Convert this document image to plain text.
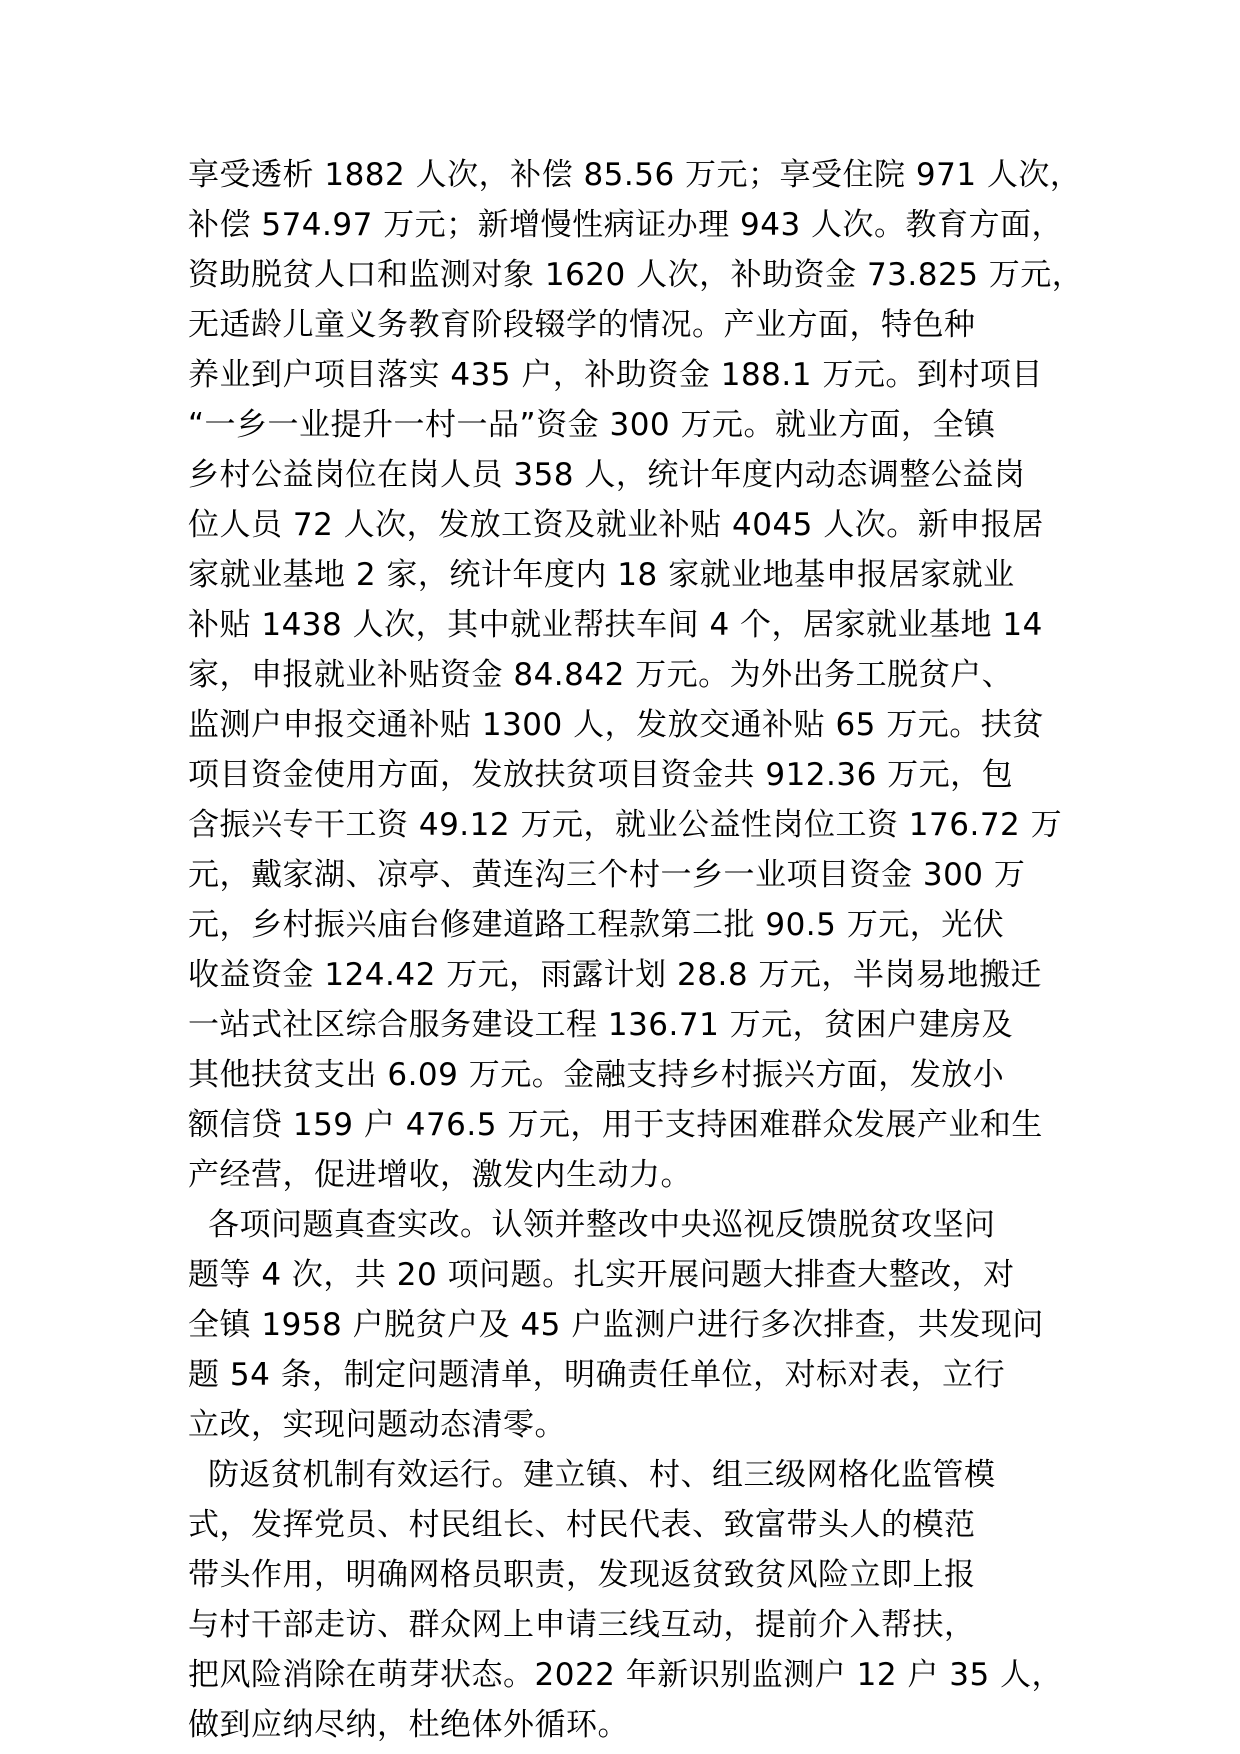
享受透析 1882 人次，补偿 85.56 万元；享受住院 971 人次，
补偿 574.97 万元；新增慢性病证办理 943 人次。教育方面，
资助脱贫人口和监测对象 1620 人次，补助资金 73.825 万元，
无适龄儿童义务教育阶段辍学的情况。产业方面，特色种
养业到户项目落实 435 户，补助资金 188.1 万元。到村项目
“一乡一业提升一村一品”资金 300 万元。就业方面，全镇
乡村公益岗位在岗人员 358 人，统计年度内动态调整公益岗
位人员 72 人次，发放工资及就业补贴 4045 人次。新申报居
家就业基地 2 家，统计年度内 18 家就业地基申报居家就业
补贴 1438 人次，其中就业帮扶车间 4 个，居家就业基地 14
家，申报就业补贴资金 84.842 万元。为外出务工脱贫户、
监测户申报交通补贴 1300 人，发放交通补贴 65 万元。扶贫
项目资金使用方面，发放扶贫项目资金共 912.36 万元，包
含振兴专干工资 49.12 万元，就业公益性岗位工资 176.72 万
元，戴家湖、凉亭、黄连沟三个村一乡一业项目资金 300 万
元，乡村振兴庙台修建道路工程款第二批 90.5 万元，光伏
收益资金 124.42 万元，雨露计划 28.8 万元，半岗易地搬迁
一站式社区综合服务建设工程 136.71 万元，贫困户建房及
其他扶贫支出 6.09 万元。金融支持乡村振兴方面，发放小
额信贷 159 户 476.5 万元，用于支持困难群众发展产业和生
产经营，促进增收，激发内生动力。
各项问题真查实改。认领并整改中央巡视反馈脱贫攻坚问
题等 4 次，共 20 项问题。扎实开展问题大排查大整改，对
全镇 1958 户脱贫户及 45 户监测户进行多次排查，共发现问
题 54 条，制定问题清单，明确责任单位，对标对表，立行
立改，实现问题动态清零。
防返贫机制有效运行。建立镇、村、组三级网格化监管模
式，发挥党员、村民组长、村民代表、致富带头人的模范
带头作用，明确网格员职责，发现返贫致贫风险立即上报
与村干部走访、群众网上申请三线互动，提前介入帮扶，
把风险消除在萌芽状态。2022 年新识别监测户 12 户 35 人，
做到应纳尽纳，杜绝体外循环。
